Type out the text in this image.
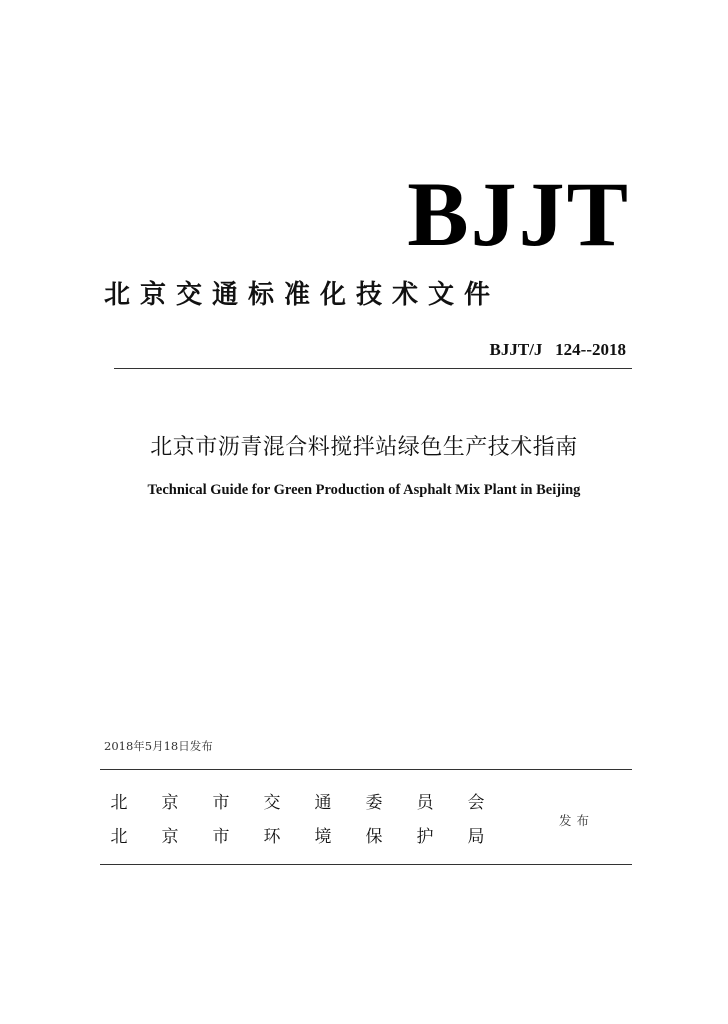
BJJT
北京交通标准化技术文件
BJJT/J   124--2018
北京市沥青混合料搅拌站绿色生产技术指南
Technical Guide for Green Production of Asphalt Mix Plant in Beijing
2018年5月18日发布
北 京 市 交 通 委 员 会
北 京 市 环 境 保 护 局
发布
